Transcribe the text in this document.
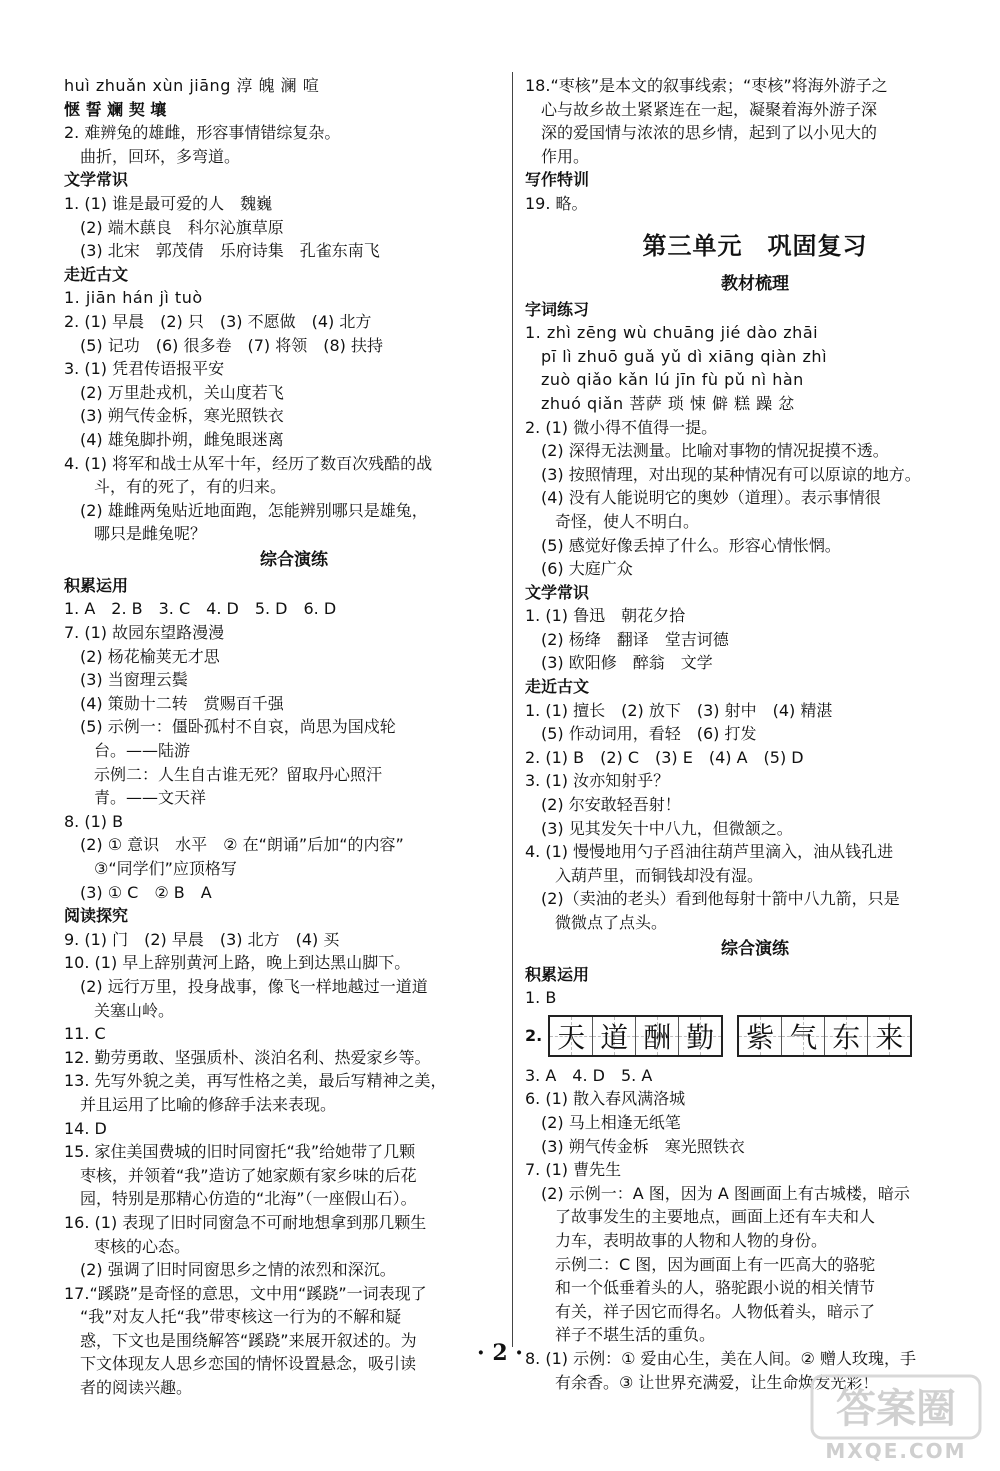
huì zhuǎn xùn jiāng 淳 魄 澜 喧
惬 誓 斓 契 壤
2. 难辨兔的雄雌，形容事情错综复杂。
曲折，回环，多弯道。
文学常识
1. (1) 谁是最可爱的人　魏巍
(2) 端木蕻良　科尔沁旗草原
(3) 北宋　郭茂倩　乐府诗集　孔雀东南飞
走近古文
1. jiān hán jì tuò
2. (1) 早晨　(2) 只　(3) 不愿做　(4) 北方
(5) 记功　(6) 很多卷　(7) 将领　(8) 扶持
3. (1) 凭君传语报平安
(2) 万里赴戎机，关山度若飞
(3) 朔气传金柝，寒光照铁衣
(4) 雄兔脚扑朔，雌兔眼迷离
4. (1) 将军和战士从军十年，经历了数百次残酷的战
斗，有的死了，有的归来。
(2) 雄雌两兔贴近地面跑，怎能辨别哪只是雄兔，
哪只是雌兔呢？
综合演练
积累运用
1. A　2. B　3. C　4. D　5. D　6. D
7. (1) 故园东望路漫漫
(2) 杨花榆荚无才思
(3) 当窗理云鬓
(4) 策勋十二转　赏赐百千强
(5) 示例一：僵卧孤村不自哀，尚思为国戍轮
台。——陆游
示例二：人生自古谁无死？留取丹心照汗
青。——文天祥
8. (1) B
(2) ① 意识　水平　② 在“朗诵”后加“的内容”
③“同学们”应顶格写
(3) ① C　② B　A
阅读探究
9. (1) 门　(2) 早晨　(3) 北方　(4) 买
10. (1) 早上辞别黄河上路，晚上到达黑山脚下。
(2) 远行万里，投身战事，像飞一样地越过一道道
关塞山岭。
11. C
12. 勤劳勇敢、坚强质朴、淡泊名利、热爱家乡等。
13. 先写外貌之美，再写性格之美，最后写精神之美，
并且运用了比喻的修辞手法来表现。
14. D
15. 家住美国费城的旧时同窗托“我”给她带了几颗
枣核，并领着“我”造访了她家颇有家乡味的后花
园，特别是那精心仿造的“北海”（一座假山石）。
16. (1) 表现了旧时同窗急不可耐地想拿到那几颗生
枣核的心态。
(2) 强调了旧时同窗思乡之情的浓烈和深沉。
17.“蹊跷”是奇怪的意思，文中用“蹊跷”一词表现了
“我”对友人托“我”带枣核这一行为的不解和疑
惑，下文也是围绕解答“蹊跷”来展开叙述的。为
下文体现友人思乡恋国的情怀设置悬念，吸引读
者的阅读兴趣。
18.“枣核”是本文的叙事线索；“枣核”将海外游子之
心与故乡故土紧紧连在一起，凝聚着海外游子深
深的爱国情与浓浓的思乡情，起到了以小见大的
作用。
写作特训
19. 略。
第三单元　巩固复习
教材梳理
字词练习
1. zhì zēng wù chuāng jié dào zhāi
pī lì zhuō guǎ yǔ dì xiāng qiàn zhì
zuò qiǎo kǎn lú jīn fù pǔ nì hàn
zhuó qiǎn 菩萨 琐 悚 僻 糕 躁 忿
2. (1) 微小得不值得一提。
(2) 深得无法测量。比喻对事物的情况捉摸不透。
(3) 按照情理，对出现的某种情况有可以原谅的地方。
(4) 没有人能说明它的奥妙（道理）。表示事情很
奇怪，使人不明白。
(5) 感觉好像丢掉了什么。形容心情怅惘。
(6) 大庭广众
文学常识
1. (1) 鲁迅　朝花夕拾
(2) 杨绛　翻译　堂吉诃德
(3) 欧阳修　醉翁　文学
走近古文
1. (1) 擅长　(2) 放下　(3) 射中　(4) 精湛
(5) 作动词用，看轻　(6) 打发
2. (1) B　(2) C　(3) E　(4) A　(5) D
3. (1) 汝亦知射乎？
(2) 尔安敢轻吾射！
(3) 见其发矢十中八九，但微颔之。
4. (1) 慢慢地用勺子舀油往葫芦里滴入，油从钱孔进
入葫芦里，而铜钱却没有湿。
(2)（卖油的老头）看到他每射十箭中八九箭，只是
微微点了点头。
综合演练
积累运用
1. B
2. 天 道 酬 勤 紫 气 东 来
3. A　4. D　5. A
6. (1) 散入春风满洛城
(2) 马上相逢无纸笔
(3) 朔气传金柝　寒光照铁衣
7. (1) 曹先生
(2) 示例一：A 图，因为 A 图画面上有古城楼，暗示
了故事发生的主要地点，画面上还有车夫和人
力车，表明故事的人物和人物的身份。
示例二：C 图，因为画面上有一匹高大的骆驼
和一个低垂着头的人，骆驼跟小说的相关情节
有关，祥子因它而得名。人物低着头，暗示了
祥子不堪生活的重负。
8. (1) 示例：① 爱由心生，美在人间。② 赠人玫瑰，手
有余香。③ 让世界充满爱，让生命焕发光彩！
· 2 ·
答案圈
MXQE.COM
